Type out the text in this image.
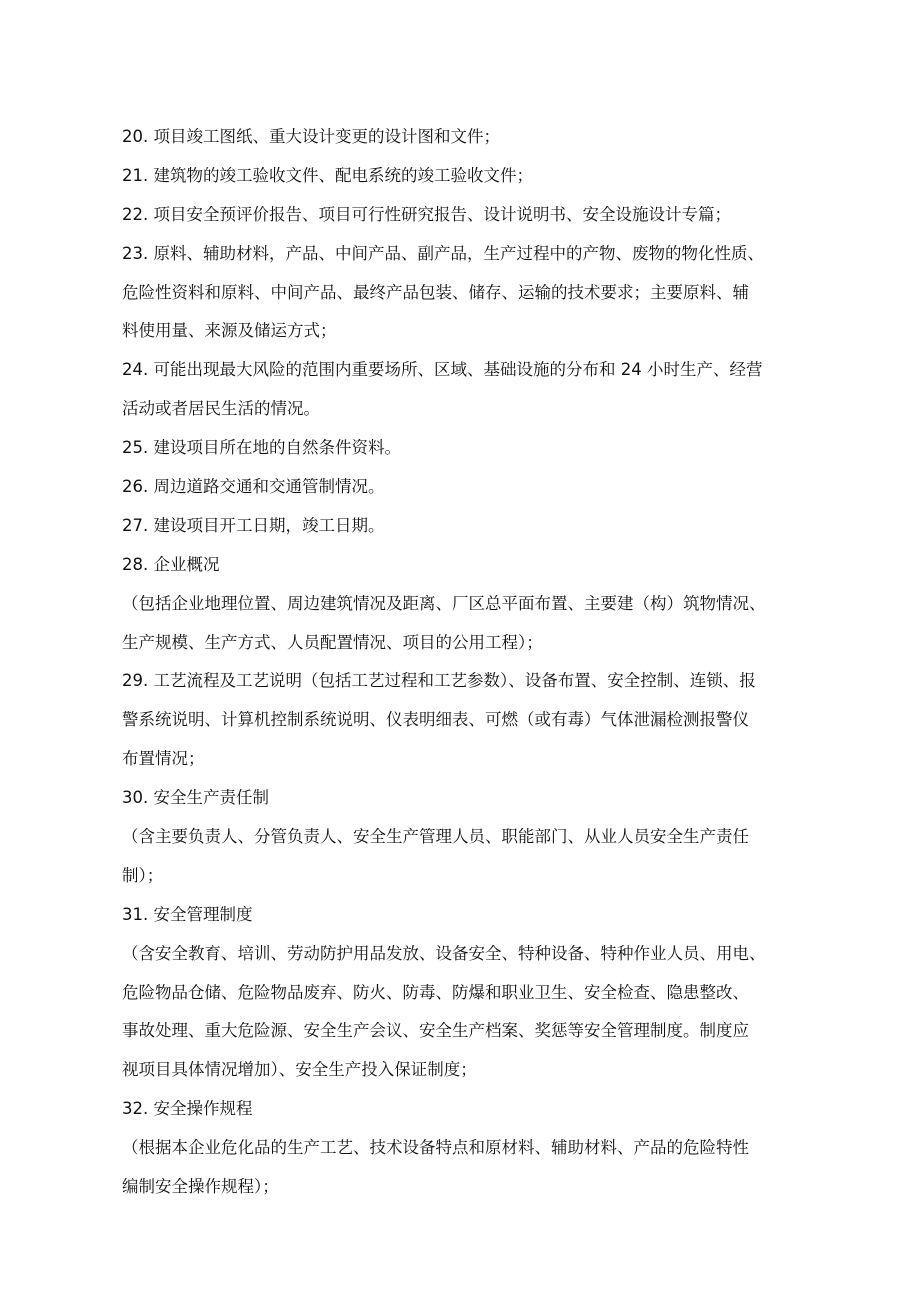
20. 项目竣工图纸、重大设计变更的设计图和文件；
21. 建筑物的竣工验收文件、配电系统的竣工验收文件；
22. 项目安全预评价报告、项目可行性研究报告、设计说明书、安全设施设计专篇；
23. 原料、辅助材料，产品、中间产品、副产品，生产过程中的产物、废物的物化性质、
危险性资料和原料、中间产品、最终产品包装、储存、运输的技术要求；主要原料、辅
料使用量、来源及储运方式；
24. 可能出现最大风险的范围内重要场所、区域、基础设施的分布和 24 小时生产、经营
活动或者居民生活的情况。
25. 建设项目所在地的自然条件资料。
26. 周边道路交通和交通管制情况。
27. 建设项目开工日期，竣工日期。
28. 企业概况
（包括企业地理位置、周边建筑情况及距离、厂区总平面布置、主要建（构）筑物情况、
生产规模、生产方式、人员配置情况、项目的公用工程）；
29. 工艺流程及工艺说明（包括工艺过程和工艺参数）、设备布置、安全控制、连锁、报
警系统说明、计算机控制系统说明、仪表明细表、可燃（或有毒）气体泄漏检测报警仪
布置情况；
30. 安全生产责任制
（含主要负责人、分管负责人、安全生产管理人员、职能部门、从业人员安全生产责任
制）；
31. 安全管理制度
（含安全教育、培训、劳动防护用品发放、设备安全、特种设备、特种作业人员、用电、
危险物品仓储、危险物品废弃、防火、防毒、防爆和职业卫生、安全检查、隐患整改、
事故处理、重大危险源、安全生产会议、安全生产档案、奖惩等安全管理制度。制度应
视项目具体情况增加）、安全生产投入保证制度；
32. 安全操作规程
（根据本企业危化品的生产工艺、技术设备特点和原材料、辅助材料、产品的危险特性
编制安全操作规程）；
